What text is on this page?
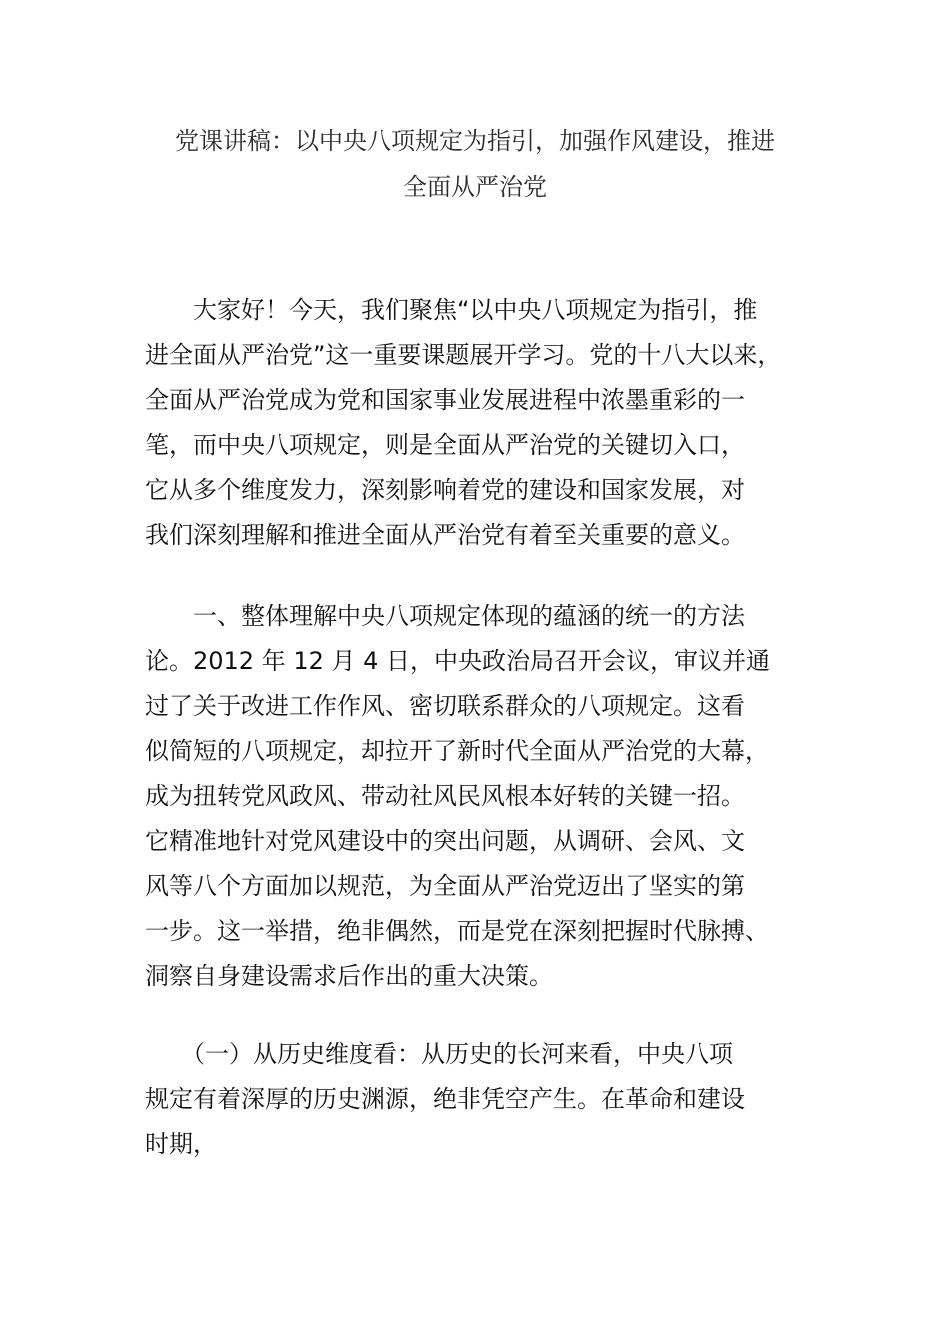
党课讲稿：以中央八项规定为指引，加强作风建设，推进
全面从严治党
　　大家好！今天，我们聚焦“以中央八项规定为指引，推
进全面从严治党”这一重要课题展开学习。党的十八大以来，
全面从严治党成为党和国家事业发展进程中浓墨重彩的一
笔，而中央八项规定，则是全面从严治党的关键切入口，
它从多个维度发力，深刻影响着党的建设和国家发展，对
我们深刻理解和推进全面从严治党有着至关重要的意义。
　　一、整体理解中央八项规定体现的蕴涵的统一的方法
论。2012 年 12 月 4 日，中央政治局召开会议，审议并通
过了关于改进工作作风、密切联系群众的八项规定。这看
似简短的八项规定，却拉开了新时代全面从严治党的大幕，
成为扭转党风政风、带动社风民风根本好转的关键一招。
它精准地针对党风建设中的突出问题，从调研、会风、文
风等八个方面加以规范，为全面从严治党迈出了坚实的第
一步。这一举措，绝非偶然，而是党在深刻把握时代脉搏、
洞察自身建设需求后作出的重大决策。
　　（一）从历史维度看：从历史的长河来看，中央八项
规定有着深厚的历史渊源，绝非凭空产生。在革命和建设
时期，
